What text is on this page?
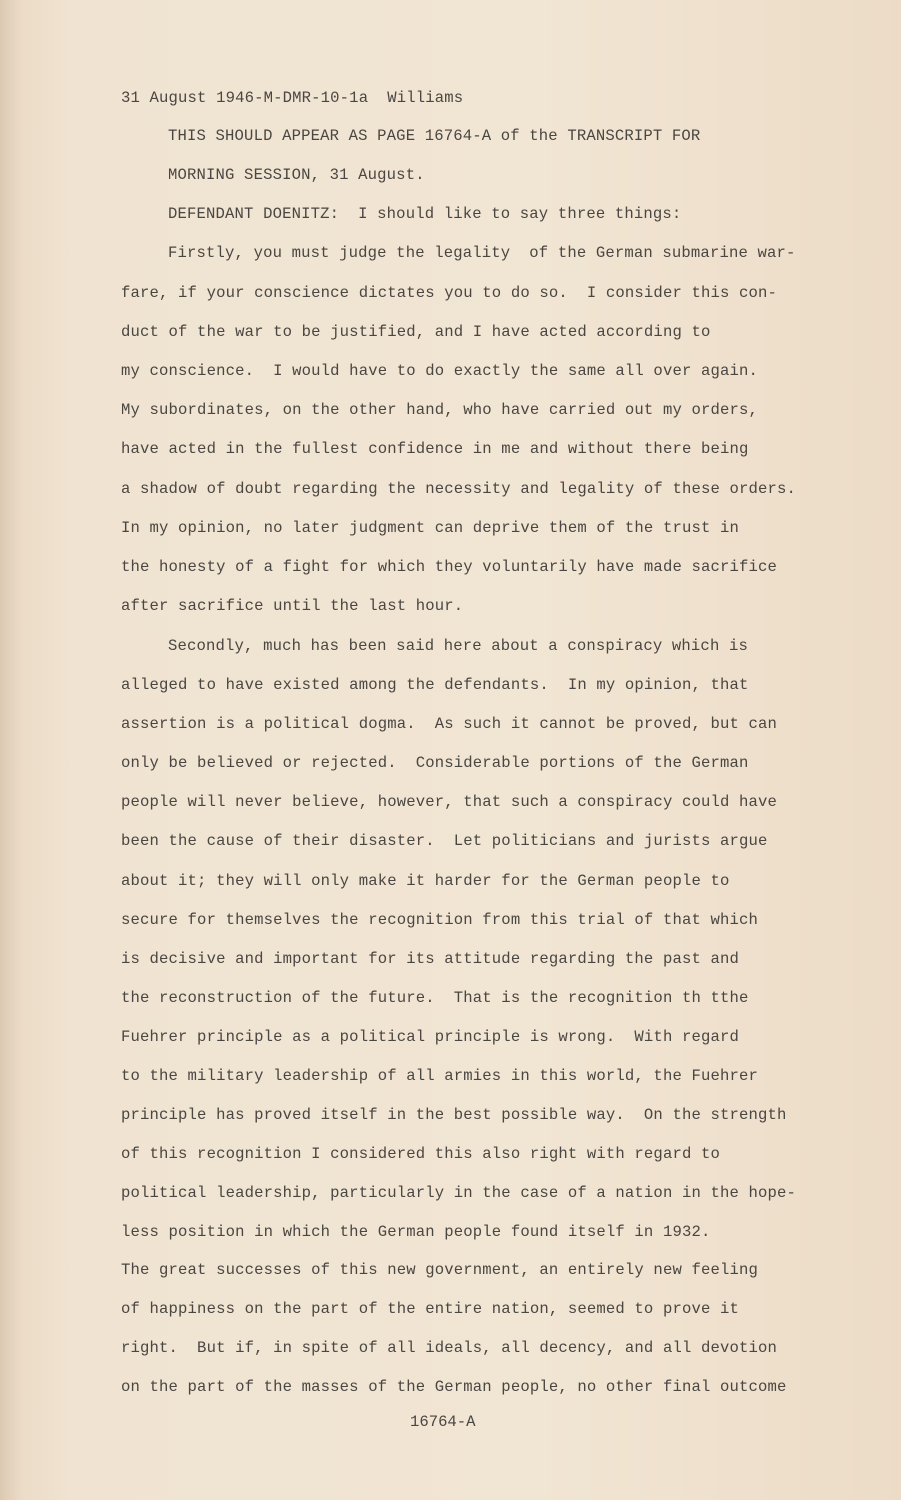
31 August 1946-M-DMR-10-1a  Williams
THIS SHOULD APPEAR AS PAGE 16764-A of the TRANSCRIPT FOR
MORNING SESSION, 31 August.
DEFENDANT DOENITZ:  I should like to say three things:
Firstly, you must judge the legality  of the German submarine war-
fare, if your conscience dictates you to do so.  I consider this con-
duct of the war to be justified, and I have acted according to
my conscience.  I would have to do exactly the same all over again.
My subordinates, on the other hand, who have carried out my orders,
have acted in the fullest confidence in me and without there being
a shadow of doubt regarding the necessity and legality of these orders.
In my opinion, no later judgment can deprive them of the trust in
the honesty of a fight for which they voluntarily have made sacrifice
after sacrifice until the last hour.
Secondly, much has been said here about a conspiracy which is
alleged to have existed among the defendants.  In my opinion, that
assertion is a political dogma.  As such it cannot be proved, but can
only be believed or rejected.  Considerable portions of the German
people will never believe, however, that such a conspiracy could have
been the cause of their disaster.  Let politicians and jurists argue
about it; they will only make it harder for the German people to
secure for themselves the recognition from this trial of that which
is decisive and important for its attitude regarding the past and
the reconstruction of the future.  That is the recognition th tthe
Fuehrer principle as a political principle is wrong.  With regard
to the military leadership of all armies in this world, the Fuehrer
principle has proved itself in the best possible way.  On the strength
of this recognition I considered this also right with regard to
political leadership, particularly in the case of a nation in the hope-
less position in which the German people found itself in 1932.
The great successes of this new government, an entirely new feeling
of happiness on the part of the entire nation, seemed to prove it
right.  But if, in spite of all ideals, all decency, and all devotion
on the part of the masses of the German people, no other final outcome
16764-A
